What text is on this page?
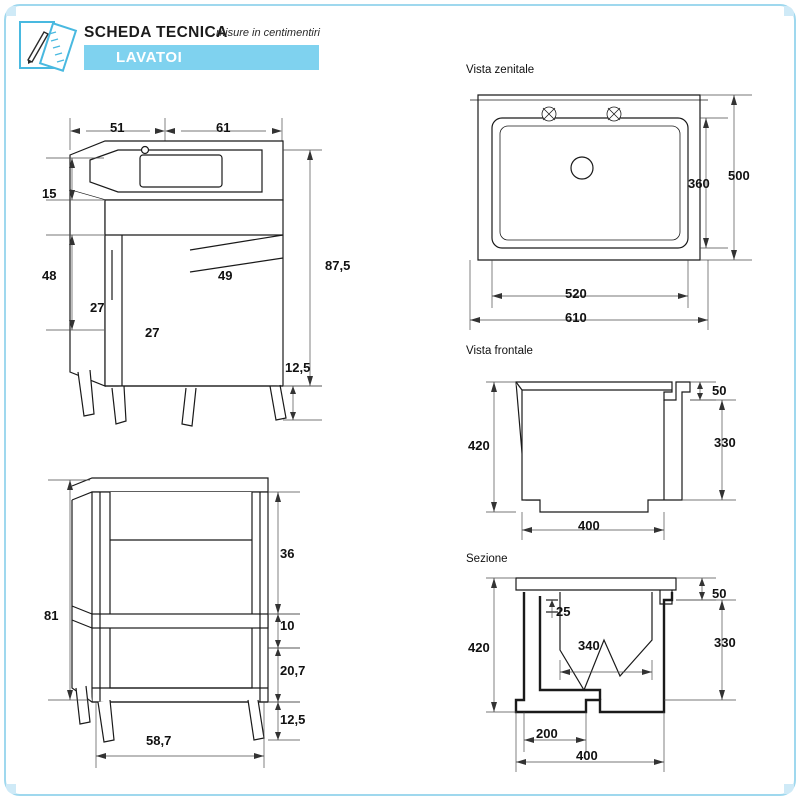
SCHEDA TECNICA
misure in centimentiri
LAVATOI
Vista zenitale
Vista frontale
Sezione
51	61
15
48
27
27
49
87,5
12,5
81
36
10
20,7
12,5
58,7
360
500
520
610
420
50
330
400
420
50
330
25
340
200
400
